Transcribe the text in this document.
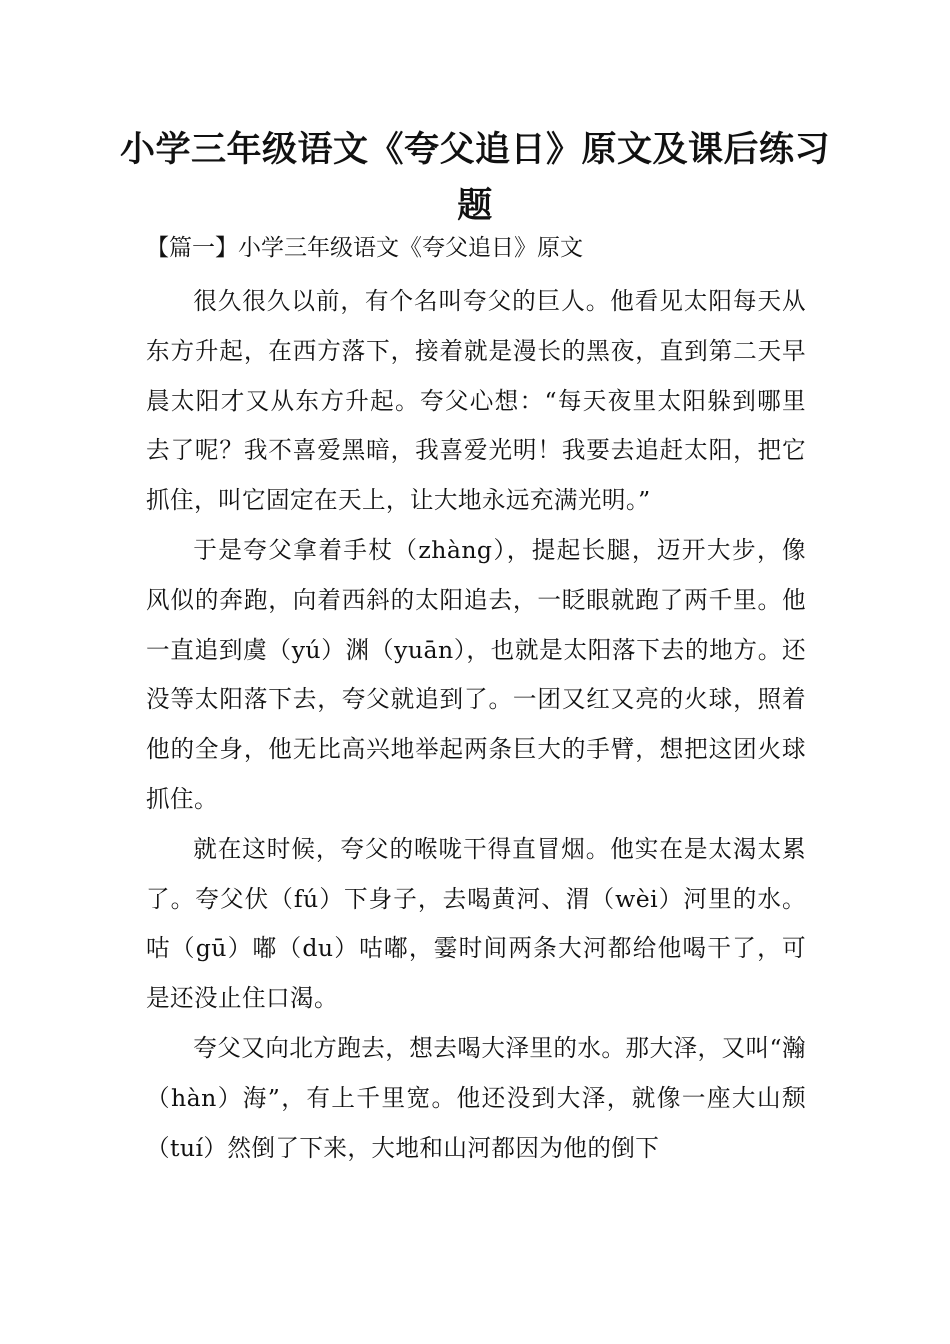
小学三年级语文《夸父追日》原文及课后练习题

【篇一】小学三年级语文《夸父追日》原文

很久很久以前，有个名叫夸父的巨人。他看见太阳每天从东方升起，在西方落下，接着就是漫长的黑夜，直到第二天早晨太阳才又从东方升起。夸父心想：“每天夜里太阳躲到哪里去了呢？我不喜爱黑暗，我喜爱光明！我要去追赶太阳，把它抓住，叫它固定在天上，让大地永远充满光明。”

于是夸父拿着手杖（zhàng），提起长腿，迈开大步，像风似的奔跑，向着西斜的太阳追去，一眨眼就跑了两千里。他一直追到虞（yú）渊（yuān），也就是太阳落下去的地方。还没等太阳落下去，夸父就追到了。一团又红又亮的火球，照着他的全身，他无比高兴地举起两条巨大的手臂，想把这团火球抓住。

就在这时候，夸父的喉咙干得直冒烟。他实在是太渴太累了。夸父伏（fú）下身子，去喝黄河、渭（wèi）河里的水。咕（gū）嘟（du）咕嘟，霎时间两条大河都给他喝干了，可是还没止住口渴。

夸父又向北方跑去，想去喝大泽里的水。那大泽，又叫“瀚（hàn）海”，有上千里宽。他还没到大泽，就像一座大山颓（tuí）然倒了下来，大地和山河都因为他的倒下
